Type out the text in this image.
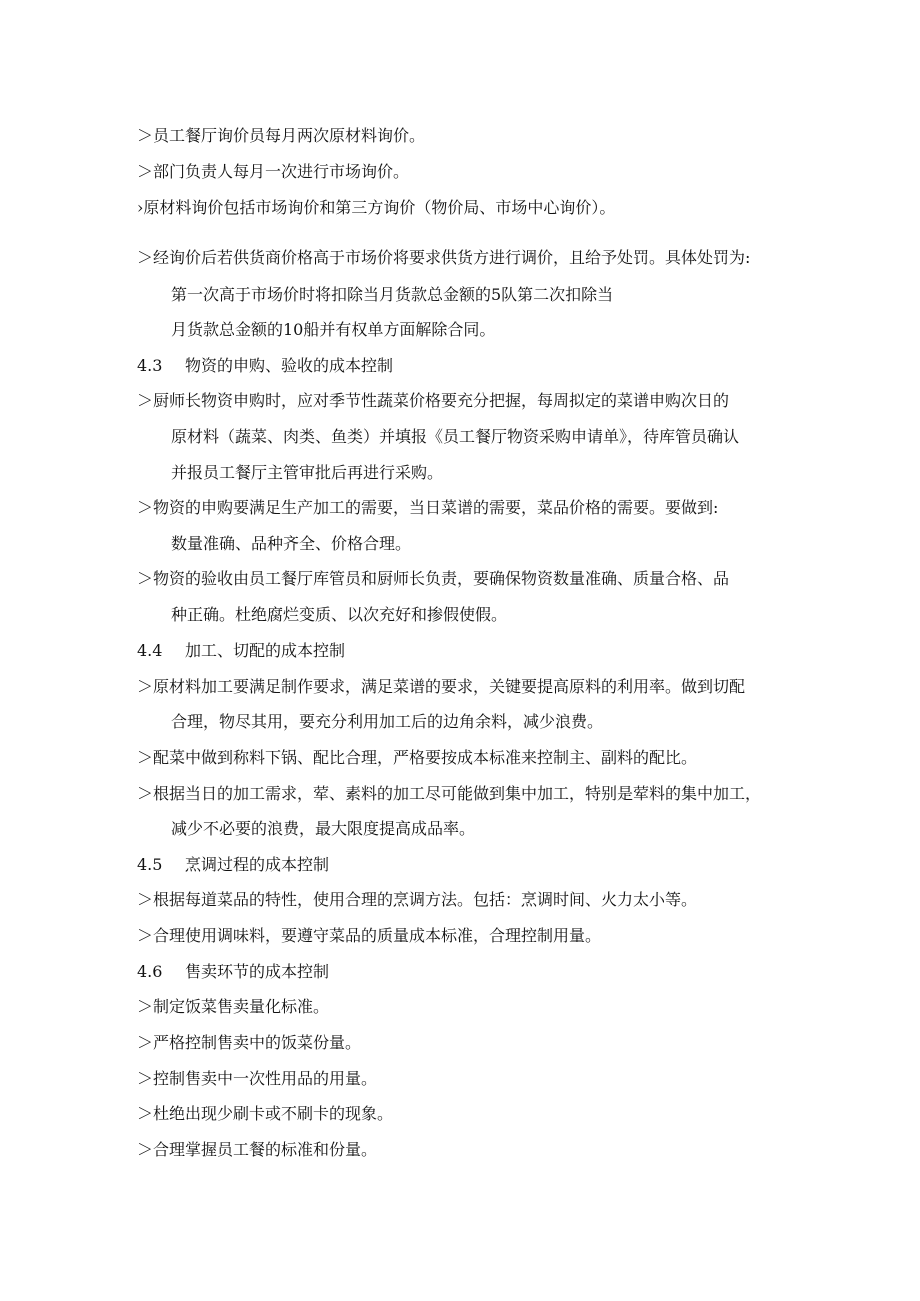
＞员工餐厅询价员每月两次原材料询价。
＞部门负责人每月一次进行市场询价。
›原材料询价包括市场询价和第三方询价（物价局、市场中心询价）。
＞经询价后若供货商价格高于市场价将要求供货方进行调价，且给予处罚。具体处罚为:
第一次高于市场价时将扣除当月货款总金额的5队第二次扣除当
月货款总金额的10船并有权单方面解除合同。
4.3 物资的申购、验收的成本控制
＞厨师长物资申购时，应对季节性蔬菜价格要充分把握，每周拟定的菜谱申购次日的
原材料（蔬菜、肉类、鱼类）并填报《员工餐厅物资采购申请单》，待库管员确认
并报员工餐厅主管审批后再进行采购。
＞物资的申购要满足生产加工的需要，当日菜谱的需要，菜品价格的需要。要做到:
数量准确、品种齐全、价格合理。
＞物资的验收由员工餐厅库管员和厨师长负责，要确保物资数量准确、质量合格、品
种正确。杜绝腐烂变质、以次充好和掺假使假。
4.4 加工、切配的成本控制
＞原材料加工要满足制作要求，满足菜谱的要求，关键要提高原料的利用率。做到切配
合理，物尽其用，要充分利用加工后的边角余料，减少浪费。
＞配菜中做到称料下锅、配比合理，严格要按成本标准来控制主、副料的配比。
＞根据当日的加工需求，荤、素料的加工尽可能做到集中加工，特别是荤料的集中加工，
减少不必要的浪费，最大限度提高成品率。
4.5 烹调过程的成本控制
＞根据每道菜品的特性，使用合理的烹调方法。包括：烹调时间、火力太小等。
＞合理使用调味料，要遵守菜品的质量成本标准，合理控制用量。
4.6 售卖环节的成本控制
＞制定饭菜售卖量化标准。
＞严格控制售卖中的饭菜份量。
＞控制售卖中一次性用品的用量。
＞杜绝出现少刷卡或不刷卡的现象。
＞合理掌握员工餐的标准和份量。
